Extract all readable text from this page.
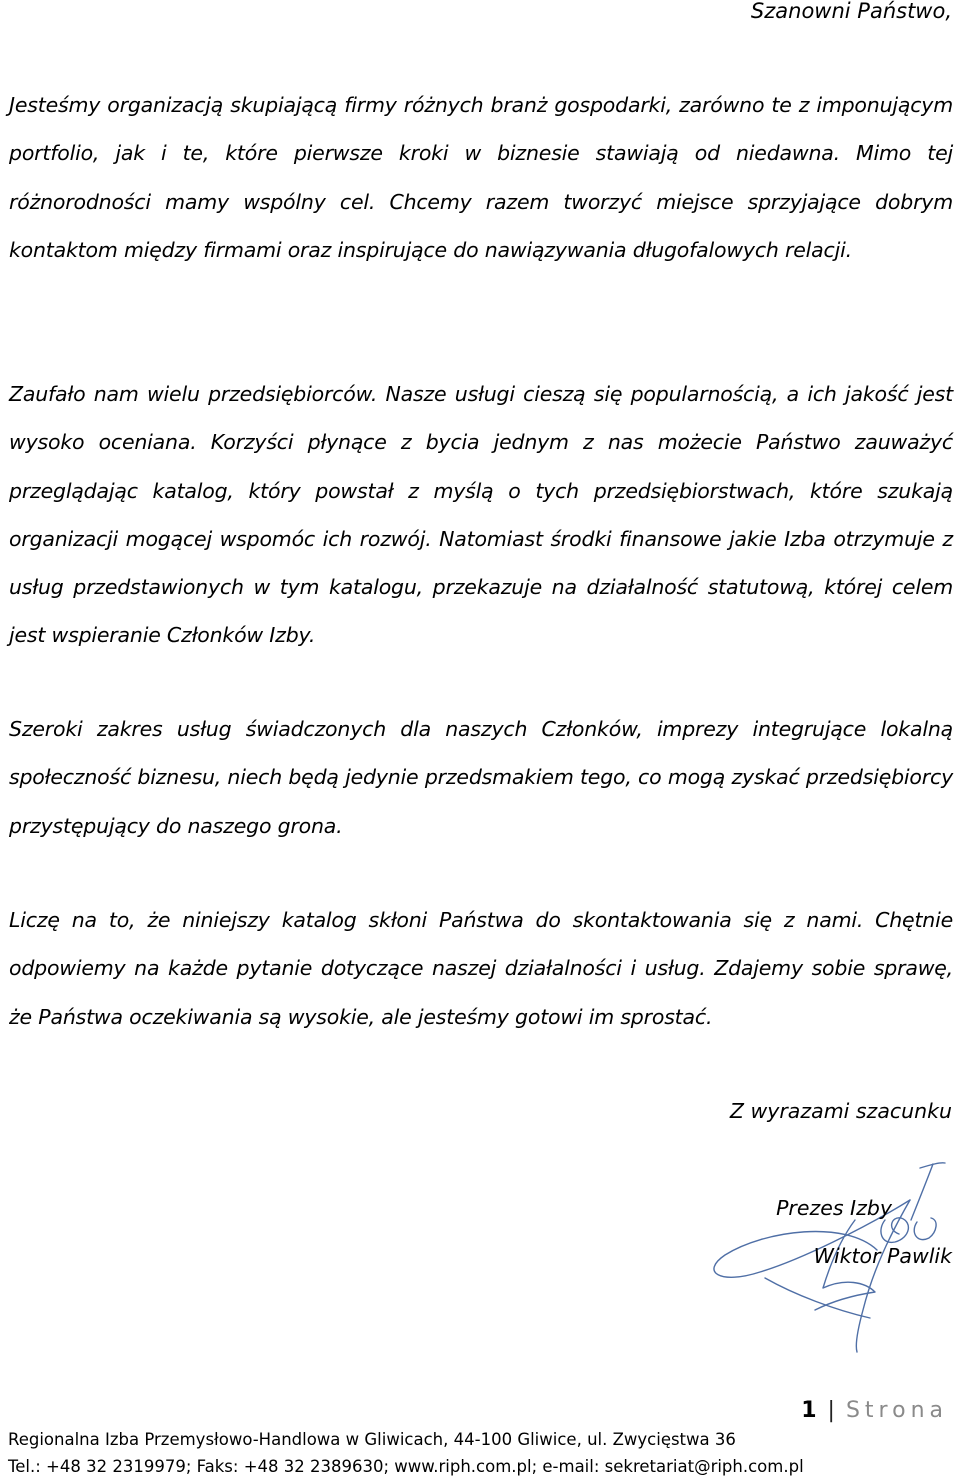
Szanowni Państwo,

Jesteśmy organizacją skupiającą firmy różnych branż gospodarki, zarówno te z imponującym portfolio, jak i te, które pierwsze kroki w biznesie stawiają od niedawna. Mimo tej różnorodności mamy wspólny cel. Chcemy razem tworzyć miejsce sprzyjające dobrym kontaktom między firmami oraz inspirujące do nawiązywania długofalowych relacji.

Zaufało nam wielu przedsiębiorców. Nasze usługi cieszą się popularnością, a ich jakość jest wysoko oceniana. Korzyści płynące z bycia jednym z nas możecie Państwo zauważyć przeglądając katalog, który powstał z myślą o tych przedsiębiorstwach, które szukają organizacji mogącej wspomóc ich rozwój. Natomiast środki finansowe jakie Izba otrzymuje z usług przedstawionych w tym katalogu, przekazuje na działalność statutową, której celem jest wspieranie Członków Izby.

Szeroki zakres usług świadczonych dla naszych Członków, imprezy integrujące lokalną społeczność biznesu, niech będą jedynie przedsmakiem tego, co mogą zyskać przedsiębiorcy przystępujący do naszego grona.

Liczę na to, że niniejszy katalog skłoni Państwa do skontaktowania się z nami. Chętnie odpowiemy na każde pytanie dotyczące naszej działalności i usług. Zdajemy sobie sprawę, że Państwa oczekiwania są wysokie, ale jesteśmy gotowi im sprostać.

Z wyrazami szacunku

Prezes Izby

Wiktor Pawlik

1 | Strona

Regionalna Izba Przemysłowo-Handlowa w Gliwicach, 44-100 Gliwice, ul. Zwycięstwa 36

Tel.: +48 32 2319979; Faks: +48 32 2389630; www.riph.com.pl; e-mail: sekretariat@riph.com.pl
